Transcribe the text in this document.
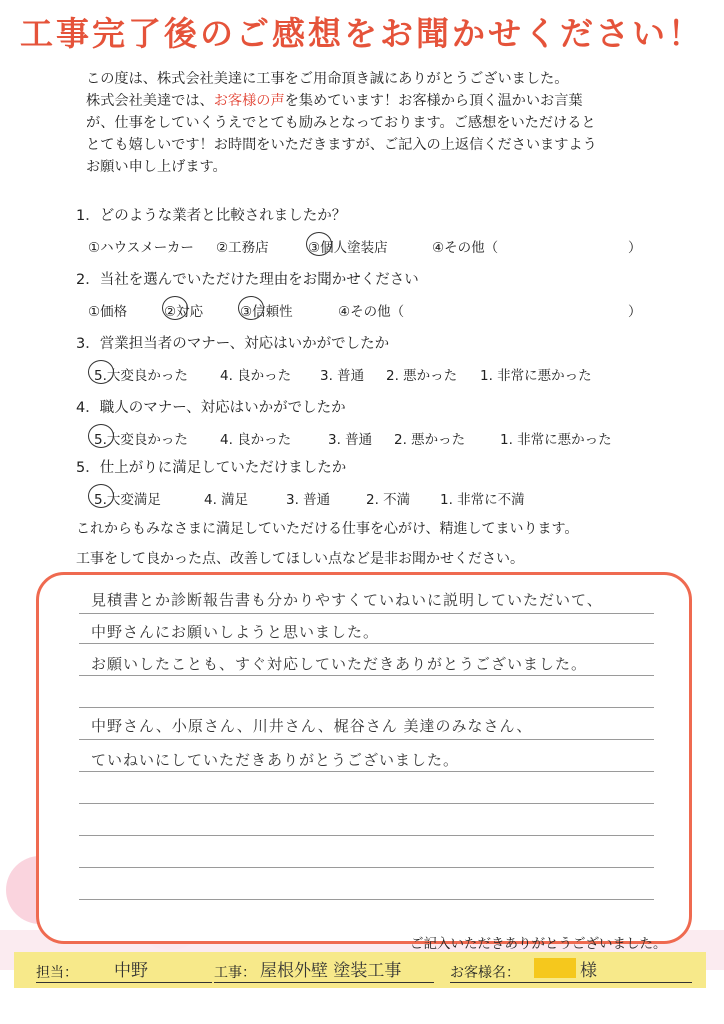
工事完了後のご感想をお聞かせください！
この度は、株式会社美達に工事をご用命頂き誠にありがとうございました。
株式会社美達では、お客様の声を集めています！お客様から頂く温かいお言葉
が、仕事をしていくうえでとても励みとなっております。ご感想をいただけると
とても嬉しいです！お時間をいただきますが、ご記入の上返信くださいますよう
お願い申し上げます。
1．どのような業者と比較されましたか？
①ハウスメーカー ②工務店	③個人塗装店	④その他（	）
2．当社を選んでいただけた理由をお聞かせください
①価格	②対応	③信頼性	④その他（	）
3．営業担当者のマナー、対応はいかがでしたか
5.大変良かった 4. 良かった 3. 普通 2. 悪かった 1. 非常に悪かった
4．職人のマナー、対応はいかがでしたか
5.大変良かった 4. 良かった	3. 普通 2. 悪かった	1. 非常に悪かった
5．仕上がりに満足していただけましたか
5.大変満足	4. 満足	3. 普通	2. 不満 1. 非常に不満
これからもみなさまに満足していただける仕事を心がけ、精進してまいります。
工事をして良かった点、改善してほしい点など是非お聞かせください。
見積書とか診断報告書も分かりやすくていねいに説明していただいて、
中野さんにお願いしようと思いました。
お願いしたことも、すぐ対応していただきありがとうございました。
中野さん、小原さん、川井さん、梶谷さん 美達のみなさん、
ていねいにしていただきありがとうございました。
ご記入いただきありがとうございました。
担当： 中野	工事： 屋根外壁 塗装工事	お客様名：	様
